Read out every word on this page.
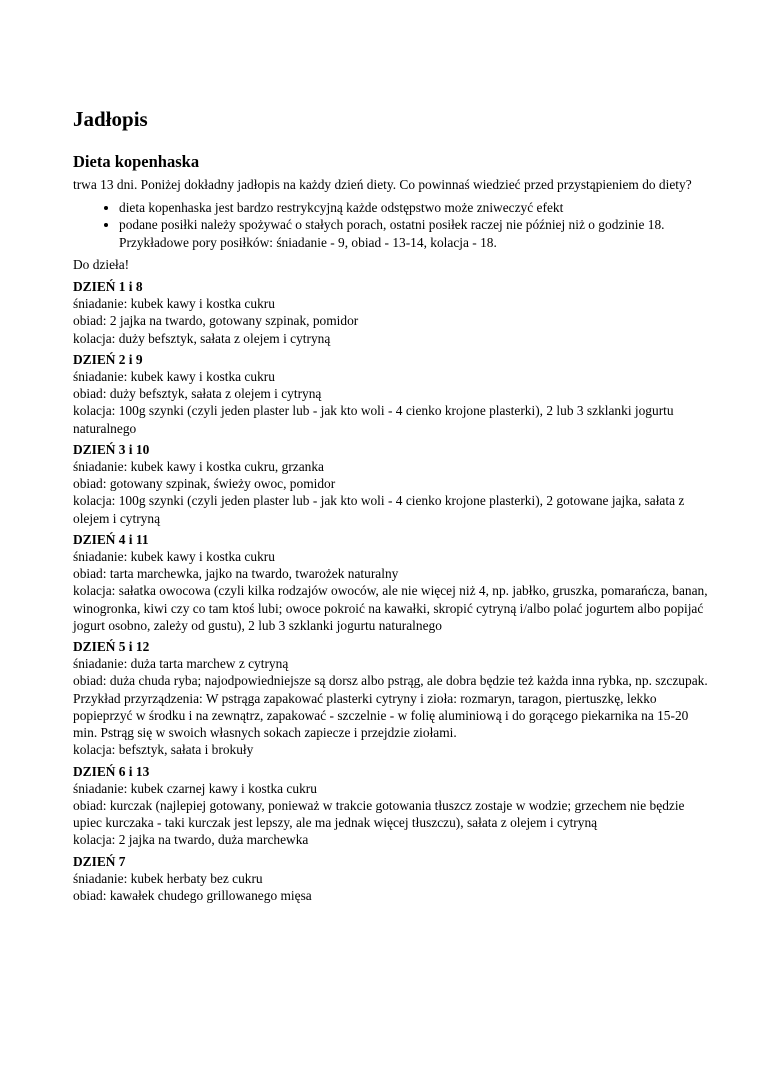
Jadłopis
Dieta kopenhaska

trwa 13 dni. Poniżej dokładny jadłopis na każdy dzień diety. Co powinnaś wiedzieć przed przystąpieniem do diety?

• dieta kopenhaska jest bardzo restrykcyjną każde odstępstwo może zniweczyć efekt
• podane posiłki należy spożywać o stałych porach, ostatni posiłek raczej nie później niż o godzinie 18. Przykładowe pory posiłków: śniadanie - 9, obiad - 13-14, kolacja - 18.

Do dzieła!

DZIEŃ 1 i 8
śniadanie: kubek kawy i kostka cukru
obiad: 2 jajka na twardo, gotowany szpinak, pomidor
kolacja: duży befsztyk, sałata z olejem i cytryną
DZIEŃ 2 i 9
śniadanie: kubek kawy i kostka cukru
obiad: duży befsztyk, sałata z olejem i cytryną
kolacja: 100g szynki (czyli jeden plaster lub - jak kto woli - 4 cienko krojone plasterki), 2 lub 3 szklanki jogurtu naturalnego
DZIEŃ 3 i 10
śniadanie: kubek kawy i kostka cukru, grzanka
obiad: gotowany szpinak, świeży owoc, pomidor
kolacja: 100g szynki (czyli jeden plaster lub - jak kto woli - 4 cienko krojone plasterki), 2 gotowane jajka, sałata z olejem i cytryną
DZIEŃ 4 i 11
śniadanie: kubek kawy i kostka cukru
obiad: tarta marchewka, jajko na twardo, twarożek naturalny
kolacja: sałatka owocowa (czyli kilka rodzajów owoców, ale nie więcej niż 4, np. jabłko, gruszka, pomarańcza, banan, winogronka, kiwi czy co tam ktoś lubi; owoce pokroić na kawałki, skropić cytryną i/albo polać jogurtem albo popijać jogurt osobno, zależy od gustu), 2 lub 3 szklanki jogurtu naturalnego
DZIEŃ 5 i 12
śniadanie: duża tarta marchew z cytryną
obiad: duża chuda ryba; najodpowiedniejsze są dorsz albo pstrąg, ale dobra będzie też każda inna rybka, np. szczupak. Przykład przyrządzenia: W pstrąga zapakować plasterki cytryny i zioła: rozmaryn, taragon, piertuszkę, lekko popieprzyć w środku i na zewnątrz, zapakować - szczelnie - w folię aluminiową i do gorącego piekarnika na 15-20 min. Pstrąg się w swoich własnych sokach zapiecze i przejdzie ziołami.
kolacja: befsztyk, sałata i brokuły
DZIEŃ 6 i 13
śniadanie: kubek czarnej kawy i kostka cukru
obiad: kurczak (najlepiej gotowany, ponieważ w trakcie gotowania tłuszcz zostaje w wodzie; grzechem nie będzie upiec kurczaka - taki kurczak jest lepszy, ale ma jednak więcej tłuszczu), sałata z olejem i cytryną
kolacja: 2 jajka na twardo, duża marchewka
DZIEŃ 7
śniadanie: kubek herbaty bez cukru
obiad: kawałek chudego grillowanego mięsa
